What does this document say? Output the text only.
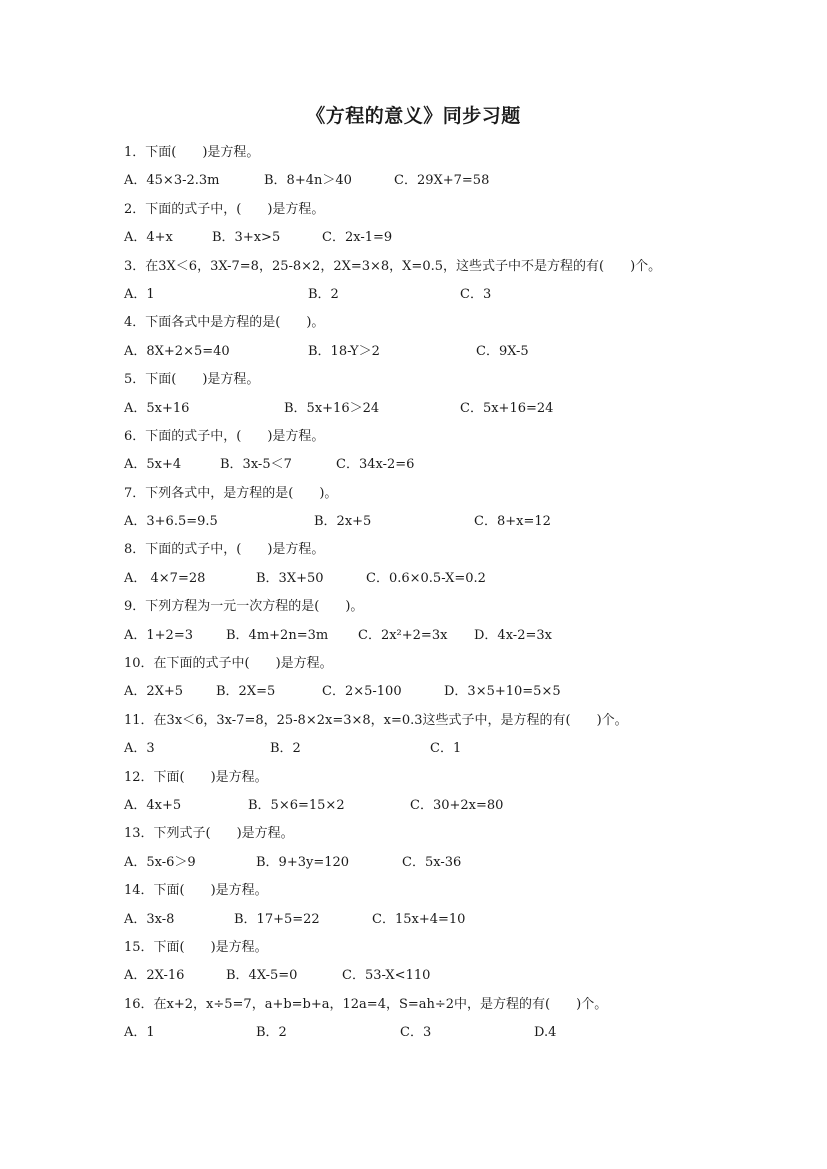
《方程的意义》同步习题
1．下面(　　)是方程。
A．45×3-2.3m	B．8+4n＞40	C．29X+7=58
2．下面的式子中，(　　)是方程。
A．4+x	B．3+x>5	C．2x-1=9
3．在3X＜6，3X-7=8，25-8×2，2X=3×8，X=0.5，这些式子中不是方程的有(　　)个。
A．1	B．2	C．3
4．下面各式中是方程的是(　　)。
A．8X+2×5=40	B．18-Y＞2	C．9X-5
5．下面(　　)是方程。
A．5x+16	B．5x+16＞24	C．5x+16=24
6．下面的式子中，(　　)是方程。
A．5x+4	B．3x-5＜7	C．34x-2=6
7．下列各式中，是方程的是(　　)。
A．3+6.5=9.5	B．2x+5	C．8+x=12
8．下面的式子中，(　　)是方程。
A． 4×7=28	B．3X+50	C．0.6×0.5-X=0.2
9．下列方程为一元一次方程的是(　　)。
A．1+2=3	B．4m+2n=3m C．2x²+2=3x D．4x-2=3x
10．在下面的式子中(　　)是方程。
A．2X+5	B．2X=5	C．2×5-100	D．3×5+10=5×5
11．在3x＜6，3x-7=8，25-8×2x=3×8，x=0.3这些式子中，是方程的有(　　)个。
A．3	B．2	C．1
12．下面(　　)是方程。
A．4x+5	B．5×6=15×2	C．30+2x=80
13．下列式子(　　)是方程。
A．5x-6＞9	B．9+3y=120	C．5x-36
14．下面(　　)是方程。
A．3x-8	B．17+5=22	C．15x+4=10
15．下面(　　)是方程。
A．2X-16	B．4X-5=0	C．53-X<110
16．在x+2，x÷5=7，a+b=b+a，12a=4，S=ah÷2中，是方程的有(　　)个。
A．1	B．2	C．3	D.4
